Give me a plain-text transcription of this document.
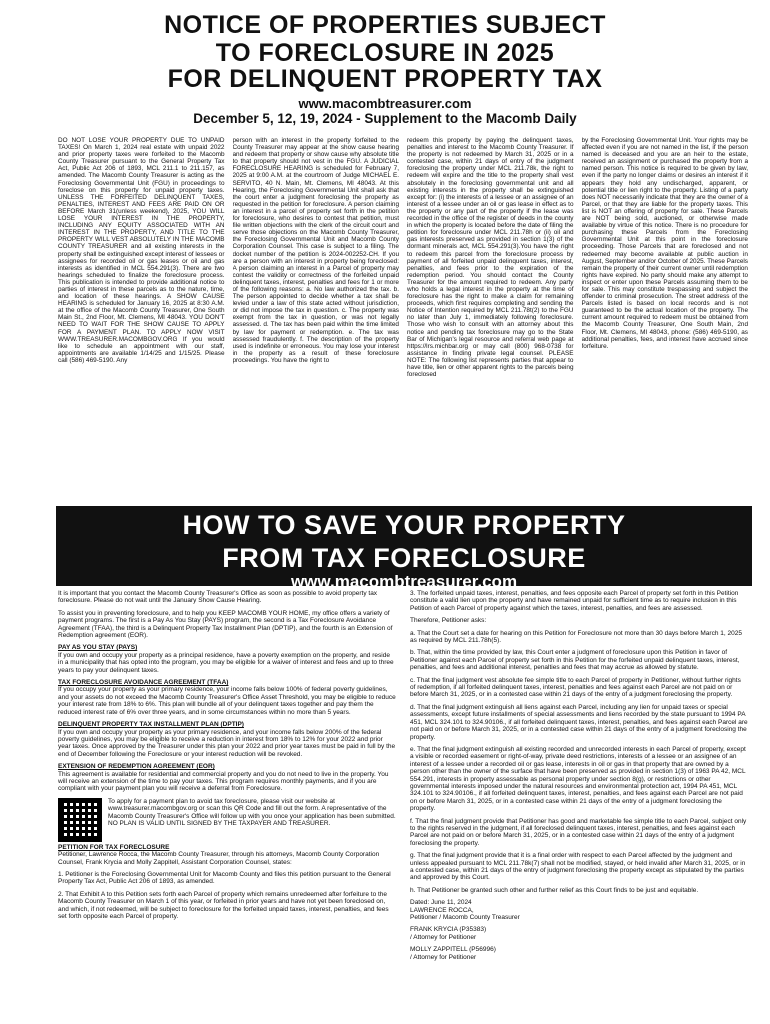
NOTICE OF PROPERTIES SUBJECT
TO FORECLOSURE IN 2025
FOR DELINQUENT PROPERTY TAX
www.macombtreasurer.com
December 5, 12, 19, 2024 - Supplement to the Macomb Daily
DO NOT LOSE YOUR PROPERTY DUE TO UNPAID TAXES! On March 1, 2024 real estate with unpaid 2022 and prior property taxes were forfeited to the Macomb County Treasurer pursuant to the General Property Tax Act, Public Act 206 of 1893, MCL 211.1 to 211.157, as amended. The Macomb County Treasurer is acting as the Foreclosing Governmental Unit (FGU) in proceedings to foreclose on this property for unpaid property taxes. UNLESS THE FORFEITED DELINQUENT TAXES, PENALTIES, INTEREST AND FEES ARE PAID ON OR BEFORE March 31(unless weekend), 2025, YOU WILL LOSE YOUR INTEREST IN THE PROPERTY, INCLUDING ANY EQUITY ASSOCIATED WITH AN INTEREST IN THE PROPERTY, AND TITLE TO THE PROPERTY WILL VEST ABSOLUTELY IN THE MACOMB COUNTY TREASURER and all existing interests in the property shall be extinguished except interest of lessees or assignees for recorded oil or gas leases or oil and gas interests as identified in MCL 554.291(3). There are two hearings scheduled to finalize the foreclosure process. This publication is intended to provide additional notice to parties of interest in these parcels as to the nature, time, and location of these hearings. A SHOW CAUSE HEARING is scheduled for January 16, 2025 at 8:30 A.M. at the office of the Macomb County Treasurer, One South Main St., 2nd Floor, Mt. Clemens, MI 48043. YOU DON'T NEED TO WAIT FOR THE SHOW CAUSE TO APPLY FOR A PAYMENT PLAN. TO APPLY NOW VISIT WWW.TREASURER.MACOMBGOV.ORG If you would like to schedule an appointment with our staff, appointments are available 1/14/25 and 1/15/25. Please call (586) 469-5190. Any
person with an interest in the property forfeited to the County Treasurer may appear at the show cause hearing and redeem that property or show cause why absolute title to that property should not vest in the FGU. A JUDICIAL FORECLOSURE HEARING is scheduled for February 7, 2025 at 9:00 A.M. at the courtroom of Judge MICHAEL E. SERVITO, 40 N. Main, Mt. Clemens, MI 48043. At this Hearing, the Foreclosing Governmental Unit shall ask that the court enter a judgment foreclosing the property as requested in the petition for foreclosure. A person claiming an interest in a parcel of property set forth in the petition for foreclosure, who desires to contest that petition, must file written objections with the clerk of the circuit court and serve those objections on the Macomb County Treasurer, the Foreclosing Governmental Unit and Macomb County Corporation Counsel. This case is subject to a filing. The docket number of the petition is 2024-002252-CH. If you are a person with an interest in property being foreclosed: A person claiming an interest in a Parcel of property may contest the validity or correctness of the forfeited unpaid delinquent taxes, interest, penalties and fees for 1 or more of the following reasons: a. No law authorized the tax. b. The person appointed to decide whether a tax shall be levied under a law of this state acted without jurisdiction, or did not impose the tax in question. c. The property was exempt from the tax in question, or was not legally assessed. d. The tax has been paid within the time limited by law for payment or redemption. e. The tax was assessed fraudulently. f. The description of the property used is indefinite or erroneous. You may lose your interest in the property as a result of these foreclosure proceedings. You have the right to
redeem this property by paying the delinquent taxes, penalties and interest to the Macomb County Treasurer. If the property is not redeemed by March 31, 2025 or in a contested case, within 21 days of entry of the judgment foreclosing the property under MCL 211.78k, the right to redeem will expire and the title to the property shall vest absolutely in the foreclosing governmental unit and all existing interests in the property shall be extinguished except for: (i) the interests of a lessee or an assignee of an interest of a lessee under an oil or gas lease in effect as to the property or any part of the property if the lease was recorded in the office of the register of deeds in the county in which the property is located before the date of filing the petition for foreclosure under MCL 211.78h or (ii) oil and gas interests preserved as provided in section 1(3) of the dormant minerals act, MCL 554.291(3).You have the right to redeem this parcel from the foreclosure process by payment of all forfeited unpaid delinquent taxes, interest, penalties, and fees prior to the expiration of the redemption period. You should contact the County Treasurer for the amount required to redeem. Any party who holds a legal interest in the property at the time of foreclosure has the right to make a claim for remaining proceeds, which first requires completing and sending the Notice of Intention required by MCL 211.78t(2) to the FGU no later than July 1, immediately following foreclosure. Those who wish to consult with an attorney about this notice and pending tax foreclosure may go to the State Bar of Michigan's legal resource and referral web page at https://lrs.michbar.org or may call (800) 968-0738 for assistance in finding private legal counsel. PLEASE NOTE: The following list represents parties that appear to have title, lien or other apparent rights to the parcels being foreclosed
by the Foreclosing Governmental Unit. Your rights may be affected even if you are not named in the list, if the person named is deceased and you are an heir to the estate, received an assignment or purchased the property from a named person. This notice is required to be given by law, even if the party no longer claims or desires an interest if it appears they hold any undischarged, apparent, or potential title or lien right to the property. Listing of a party does NOT necessarily indicate that they are the owner of a Parcel, or that they are liable for the property taxes. This list is NOT an offering of property for sale. These Parcels are NOT being sold, auctioned, or otherwise made available by virtue of this notice. There is no procedure for purchasing these Parcels from the Foreclosing Governmental Unit at this point in the foreclosure proceeding. Those Parcels that are foreclosed and not redeemed may become available at public auction in August, September and/or October of 2025. These Parcels remain the property of their current owner until redemption rights have expired. No party should make any attempt to inspect or enter upon these Parcels assuming them to be for sale. This may constitute trespassing and subject the offender to criminal prosecution. The street address of the Parcels listed is based on local records and is not guaranteed to be the actual location of the property. The current amount required to redeem must be obtained from the Macomb County Treasurer, One South Main, 2nd Floor, Mt. Clemens, MI 48043, phone: (586) 469-5190, as additional penalties, fees, and interest have accrued since forfeiture.
HOW TO SAVE YOUR PROPERTY
FROM TAX FORECLOSURE
www.macombtreasurer.com

It is important that you contact the Macomb County Treasurer's Office as soon as possible to avoid property tax foreclosure. Please do not wait until the January Show Cause Hearing.

To assist you in preventing foreclosure, and to help you KEEP MACOMB YOUR HOME, my office offers a variety of payment programs. The first is a Pay As You Stay (PAYS) program, the second is a Tax Foreclosure Avoidance Agreement (TFAA), the third is a Delinquent Property Tax Installment Plan (DPTIP), and the fourth is an Extension of Redemption agreement (EOR).

PAY AS YOU STAY (PAYS)

If you own and occupy your property as a principal residence, have a poverty exemption on the property, and reside in a municipality that has opted into the program, you may be eligible for a waiver of interest and fees and up to three years to pay your delinquent taxes.

TAX FORECLOSURE AVOIDANCE AGREEMENT (TFAA)

If you occupy your property as your primary residence, your income falls below 100% of federal poverty guidelines, and your assets do not exceed the Macomb County Treasurer's Office Asset Threshold, you may be eligible to reduce your interest rate from 18% to 6%. This plan will bundle all of your delinquent taxes together and pay them the reduced interest rate of 6% over three years, and in some circumstances within no more than 5 years.

DELINQUENT PROPERTY TAX INSTALLMENT PLAN (DPTIP)

If you own and occupy your property as your primary residence, and your income falls below 200% of the federal poverty guidelines, you may be eligible to receive a reduction in interest from 18% to 12% for your 2022 and prior year taxes. Once approved by the Treasurer under this plan your 2022 and prior year taxes must be paid in full by the end of December following the Foreclosure or your interest reduction will be revoked.

EXTENSION OF REDEMPTION AGREEMENT (EOR)

This agreement is available for residential and commercial property and you do not need to live in the property. You will receive an extension of the time to pay your taxes. This program requires monthly payments, and if you are compliant with your payment plan you will receive a deferral from Foreclosure.

To apply for a payment plan to avoid tax foreclosure, please visit our website at www.treasurer.macombgov.org or scan this QR Code and fill out the form. A representative of the Macomb County Treasurer's Office will follow up with you once your application has been submitted. NO PLAN IS VALID UNTIL SIGNED BY THE TAXPAYER AND TREASURER.

PETITION FOR TAX FORECLOSURE

Petitioner, Lawrence Rocca, the Macomb County Treasurer, through his attorneys, Macomb County Corporation Counsel, Frank Krycia and Molly Zappitell, Assistant Corporation Counsel, states:

1. Petitioner is the Foreclosing Governmental Unit for Macomb County and files this petition pursuant to the General Property Tax Act, Public Act 206 of 1893, as amended.

2. That Exhibit A to this Petition sets forth each Parcel of property which remains unredeemed after forfeiture to the Macomb County Treasurer on March 1 of this year, or forfeited in prior years and have not yet been foreclosed on, and which, if not redeemed, will be subject to foreclosure for the forfeited unpaid taxes, interest, penalties, and fees set forth opposite each Parcel of property.

3. The forfeited unpaid taxes, interest, penalties, and fees opposite each Parcel of property set forth in this Petition constitute a valid lien upon the property and have remained unpaid for sufficient time as to require inclusion in this Petition of each Parcel of property against which the taxes, interest, penalties, and fees are assessed.

Therefore, Petitioner asks:

a. That the Court set a date for hearing on this Petition for Foreclosure not more than 30 days before March 1, 2025 as required by MCL 211.78h(5).

b. That, within the time provided by law, this Court enter a judgment of foreclosure upon this Petition in favor of Petitioner against each Parcel of property set forth in this Petition for the forfeited unpaid delinquent taxes, interest, penalties, and fees and additional interest, penalties and fees that may accrue as allowed by statute.

c. That the final judgment vest absolute fee simple title to each Parcel of property in Petitioner, without further rights of redemption, if all forfeited delinquent taxes, interest, penalties and fees against each Parcel are not paid on or before March 31, 2025, or in a contested case within 21 days of the entry of a judgment foreclosing the property.

d. That the final judgment extinguish all liens against each Parcel, including any lien for unpaid taxes or special assessments, except future installments of special assessments and liens recorded by the state pursuant to 1994 PA 451, MCL 324.101 to 324.90106., if all forfeited delinquent taxes, interest, penalties, and fees against each Parcel are not paid on or before March 31, 2025, or in a contested case within 21 days of the entry of a judgment foreclosing the property.

e. That the final judgment extinguish all existing recorded and unrecorded interests in each Parcel of property, except a visible or recorded easement or right-of-way, private deed restrictions, interests of a lessee or an assignee of an interest of a lessee under a recorded oil or gas lease, interests in oil or gas in that property that are owned by a person other than the owner of the surface that have been preserved as provided in section 1(3) of 1963 PA 42, MCL 554.291, interests in property assessable as personal property under section 8(g), or restrictions or other governmental interests imposed under the natural resources and environmental protection act, 1994 PA 451, MCL 324.101 to 324.90106., if all forfeited delinquent taxes, interest, penalties, and fees against each Parcel are not paid on or before March 31, 2025, or in a contested case within 21 days of the entry of a judgment foreclosing the property.

f. That the final judgment provide that Petitioner has good and marketable fee simple title to each Parcel, subject only to the rights reserved in the judgment, if all foreclosed delinquent taxes, interest, penalties, and fees against each Parcel are not paid on or before March 31, 2025, or in a contested case within 21 days of the entry of a judgment foreclosing the property.

g. That the final judgment provide that it is a final order with respect to each Parcel affected by the judgment and unless appealed pursuant to MCL 211.78k(7) shall not be modified, stayed, or held invalid after March 31, 2025, or in a contested case, within 21 days of the entry of judgment foreclosing the property except as stipulated by the parties and approved by this Court.

h. That Petitioner be granted such other and further relief as this Court finds to be just and equitable.

Dated: June 11, 2024

LAWRENCE ROCCA,

Petitioner / Macomb County Treasurer

FRANK KRYCIA (P35383)

/ Attorney for Petitioner

MOLLY ZAPPITELL (P56996)

/ Attorney for Petitioner
